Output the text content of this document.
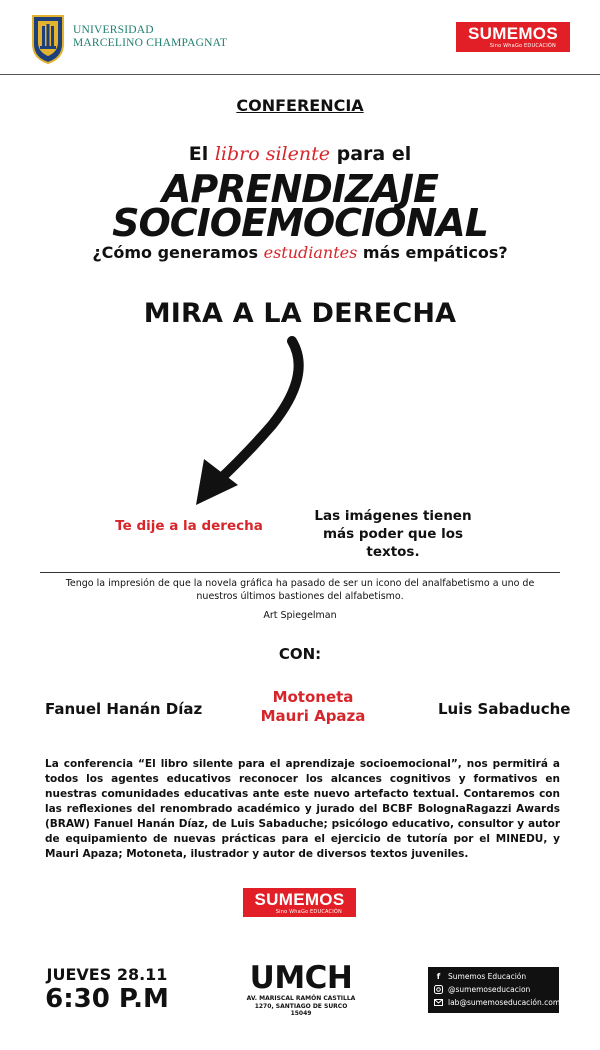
UNIVERSIDAD
MARCELINO CHAMPAGNAT	SUMEMOS
Sino WhaGo EDUCACIÓN
CONFERENCIA
El libro silente para el
APRENDIZAJE
SOCIOEMOCIONAL
¿Cómo generamos estudiantes más empáticos?
MIRA A LA DERECHA
Te dije a la derecha
Las imágenes tienen más poder que los textos.
Tengo la impresión de que la novela gráfica ha pasado de ser un icono del analfabetismo a uno de nuestros últimos bastiones del alfabetismo.
Art Spiegelman
CON:
Fanuel Hanán Díaz
Motoneta
Mauri Apaza	Luis Sabaduche
La conferencia “El libro silente para el aprendizaje socioemocional”, nos permitirá a todos los agentes educativos reconocer los alcances cognitivos y formativos en nuestras comunidades educativas ante este nuevo artefacto textual. Contaremos con las reflexiones del renombrado académico y jurado del BCBF BolognaRagazzi Awards (BRAW) Fanuel Hanán Díaz, de Luis Sabaduche; psicólogo educativo, consultor y autor de equipamiento de nuevas prácticas para el ejercicio de tutoría por el MINEDU, y Mauri Apaza; Motoneta, ilustrador y autor de diversos textos juveniles.
SUMEMOS
Sino WhaGo EDUCACIÓN
JUEVES 28.11
6:30 P.M
UMCH
AV. MARISCAL RAMÓN CASTILLA
1270, SANTIAGO DE SURCO 15049
f	Sumemos Educación
@sumemoseducacion
lab@sumemoseducación.com
